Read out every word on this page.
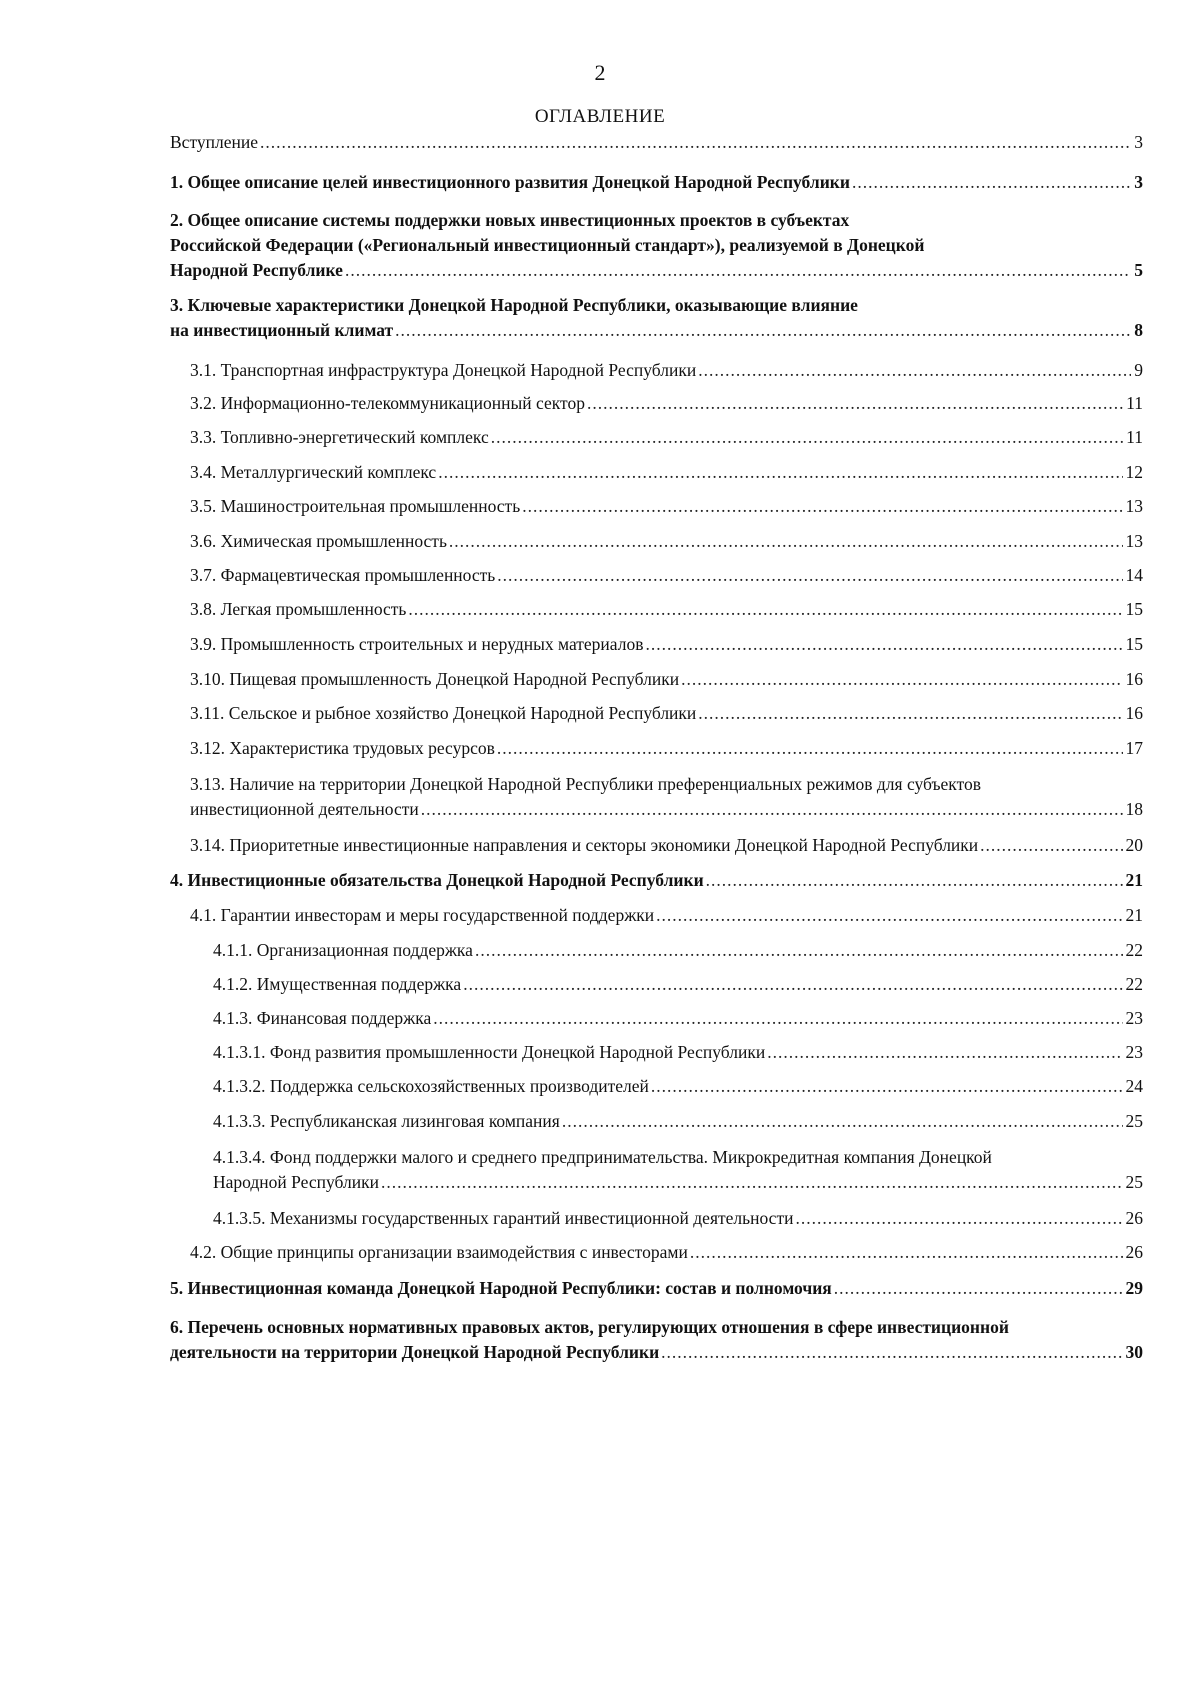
2
ОГЛАВЛЕНИЕ
Вступление .....	3
1. Общее описание целей инвестиционного развития Донецкой Народной Республики .....	3
2. Общее описание системы поддержки новых инвестиционных проектов в субъектах
Российской Федерации («Региональный инвестиционный стандарт»), реализуемой в Донецкой
Народной Республике .....	5
3. Ключевые характеристики Донецкой Народной Республики, оказывающие влияние
на инвестиционный климат .....	8
3.1. Транспортная инфраструктура Донецкой Народной Республики .....	9
3.2. Информационно-телекоммуникационный сектор .....	11
3.3. Топливно-энергетический комплекс .....	11
3.4. Металлургический комплекс .....	12
3.5. Машиностроительная промышленность .....	13
3.6. Химическая промышленность .....	13
3.7. Фармацевтическая промышленность .....	14
3.8. Легкая промышленность .....	15
3.9. Промышленность строительных и нерудных материалов .....	15
3.10. Пищевая промышленность Донецкой Народной Республики .....	16
3.11. Сельское и рыбное хозяйство Донецкой Народной Республики .....	16
3.12. Характеристика трудовых ресурсов .....	17
3.13. Наличие на территории Донецкой Народной Республики преференциальных режимов для субъектов
инвестиционной деятельности .....	18
3.14. Приоритетные инвестиционные направления и секторы экономики Донецкой Народной Республики .....	20
4. Инвестиционные обязательства Донецкой Народной Республики .....	21
4.1. Гарантии инвесторам и меры государственной поддержки .....	21
4.1.1. Организационная поддержка .....	22
4.1.2. Имущественная поддержка .....	22
4.1.3. Финансовая поддержка .....	23
4.1.3.1. Фонд развития промышленности Донецкой Народной Республики .....	23
4.1.3.2. Поддержка сельскохозяйственных производителей .....	24
4.1.3.3. Республиканская лизинговая компания .....	25
4.1.3.4. Фонд поддержки малого и среднего предпринимательства. Микрокредитная компания Донецкой
Народной Республики .....	25
4.1.3.5. Механизмы государственных гарантий инвестиционной деятельности .....	26
4.2. Общие принципы организации взаимодействия с инвесторами .....	26
5. Инвестиционная команда Донецкой Народной Республики: состав и полномочия .....	29
6. Перечень основных нормативных правовых актов, регулирующих отношения в сфере инвестиционной
деятельности на территории Донецкой Народной Республики .....	30
